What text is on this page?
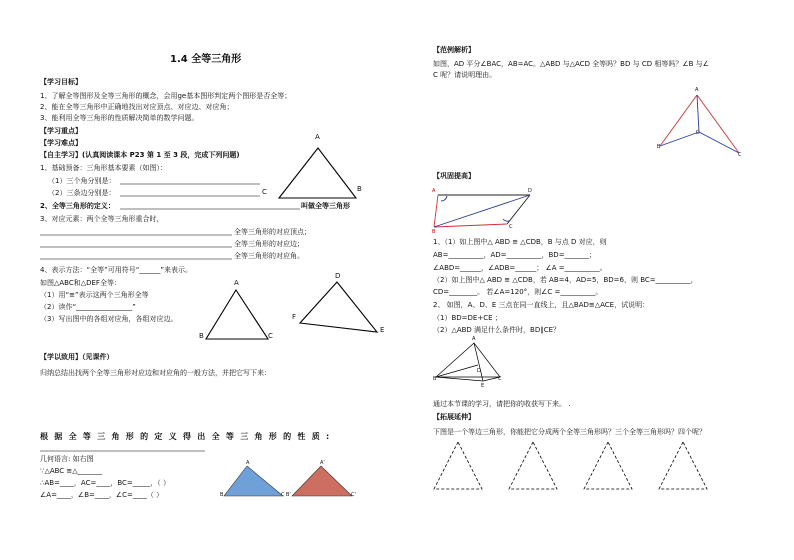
1.4 全等三角形
【学习目标】
1、了解全等图形及全等三角形的概念，会用ge基本图形判定两个图形是否全等；
2、能在全等三角形中正确地找出对应顶点、对应边、对应角；
3、能利用全等三角形的性质解决简单的数学问题。
【学习重点】
【学习难点】
【自主学习】(认真阅读课本 P23 第 1 至 3 段，完成下列问题)
1、基础预备：三角形基本要素（如图）：
（1）三个角分别是：
（2）三条边分别是：
2、全等三角形的定义：	叫做全等三角形
3、对应元素：两个全等三角形重合时，
全等三角形的对应顶点；
全等三角形的对应边；
全等三角形的对应角。
4、表示方法：“全等”可用符号“______”来表示。
如图△ABC和△DEF全等：
（1）用“≌”表示这两个三角形全等
（2）读作“________________”
（3）写出图中的各组对应角，各组对应边。
【学以致用】（见课件）
归纳总结出找两个全等三角形对应边和对应角的一般方法，并把它写下来：
根据全等三角形的定义得出全等三角形的性质:
几何语言: 如右图
∵△ABC ≌△_______
∴AB=____，AC=____，BC=_____，（ ）
∠A=____，∠B=____，∠C=____（ ）
A
C	B
A
B	C
D
F
E
A
B	C
A'
B'	C'
【范例解析】
如图，AD 平分∠BAC，AB=AC。△ABD 与△ACD 全等吗？BD 与 CD 相等吗？∠B 与∠
C 呢？请说明理由。
【巩固提高】
1、（1）如上图中△ ABD ≌ △CDB，B 与点 D 对应，则
AB=__________，AD=__________，BD=_______；
∠ABD=______，∠ADB=______； ∠A =__________。
（2）如上图中△ ABD ≌ △CDB，若 AB=4，AD=5，BD=6，则 BC=__________，
CD=________。 若∠A=120°，则∠C =__________。
2、 如图，A、D、E 三点在同一直线上，且△BAD≌△ACE，试说明：
（1）BD=DE+CE ；
（2）△ABD 满足什么条件时，BD∥CE？
通过本节课的学习，请把你的收获写下来。 .
【拓展延伸】
下图是一个等边三角形，你能把它分成两个全等三角形吗？三个全等三角形吗？四个呢？
A
D
B
C
A	D
B
C
A
B
D
E
C
